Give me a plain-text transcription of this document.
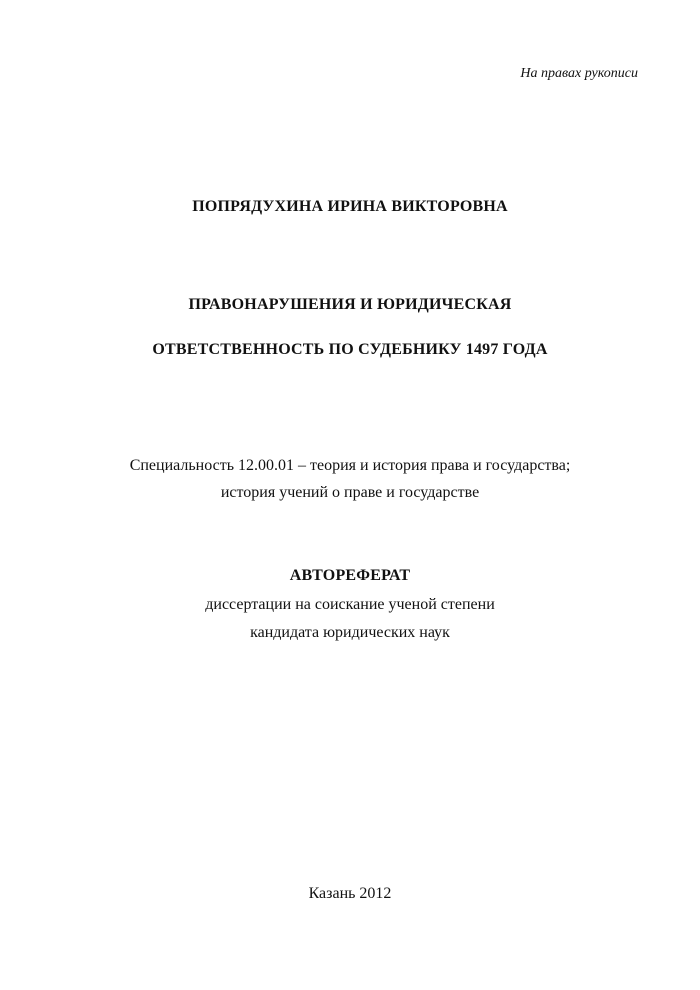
На правах рукописи
ПОПРЯДУХИНА ИРИНА ВИКТОРОВНА
ПРАВОНАРУШЕНИЯ И ЮРИДИЧЕСКАЯ
ОТВЕТСТВЕННОСТЬ ПО СУДЕБНИКУ 1497 ГОДА
Специальность 12.00.01 – теория и история права и государства;
история учений о праве и государстве
АВТОРЕФЕРАТ
диссертации на соискание ученой степени
кандидата юридических наук
Казань 2012
